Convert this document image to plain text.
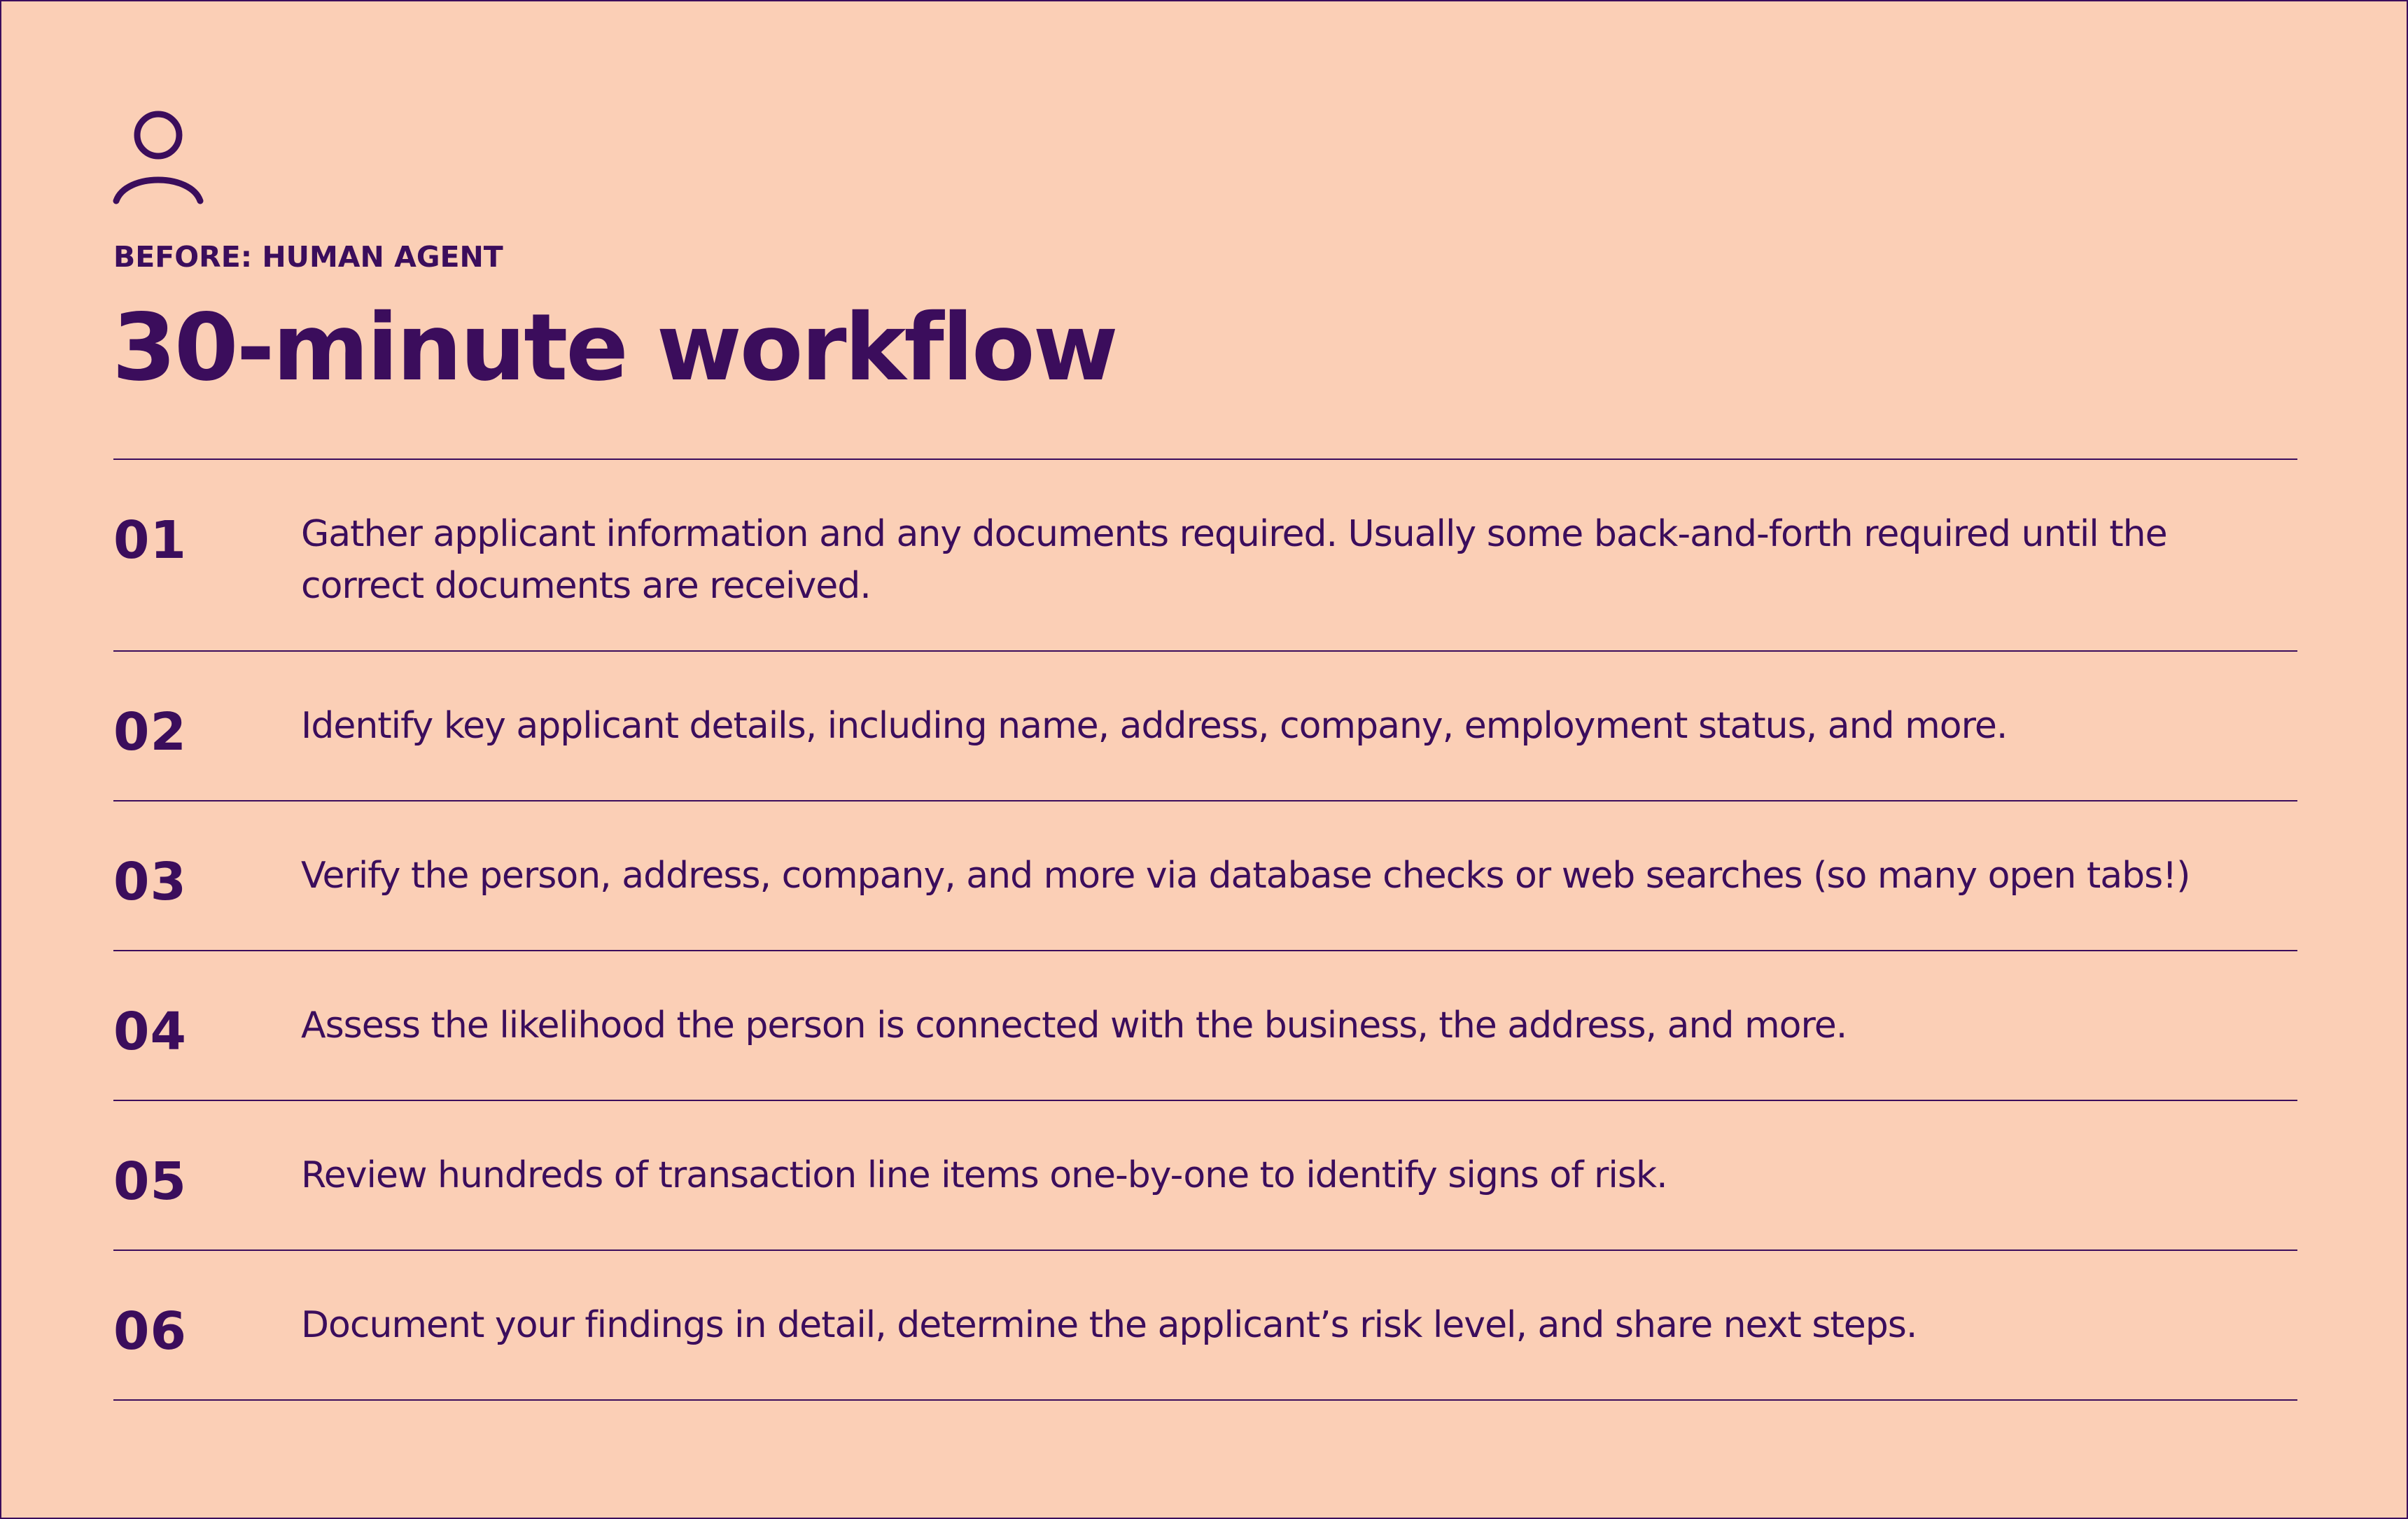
BEFORE: HUMAN AGENT
30-minute workflow
01	Gather applicant information and any documents required. Usually some back-and-forth required until the correct documents are received.
02	Identify key applicant details, including name, address, company, employment status, and more.
03	Verify the person, address, company, and more via database checks or web searches (so many open tabs!)
04	Assess the likelihood the person is connected with the business, the address, and more.
05	Review hundreds of transaction line items one-by-one to identify signs of risk.
06	Document your findings in detail, determine the applicant’s risk level, and share next steps.
